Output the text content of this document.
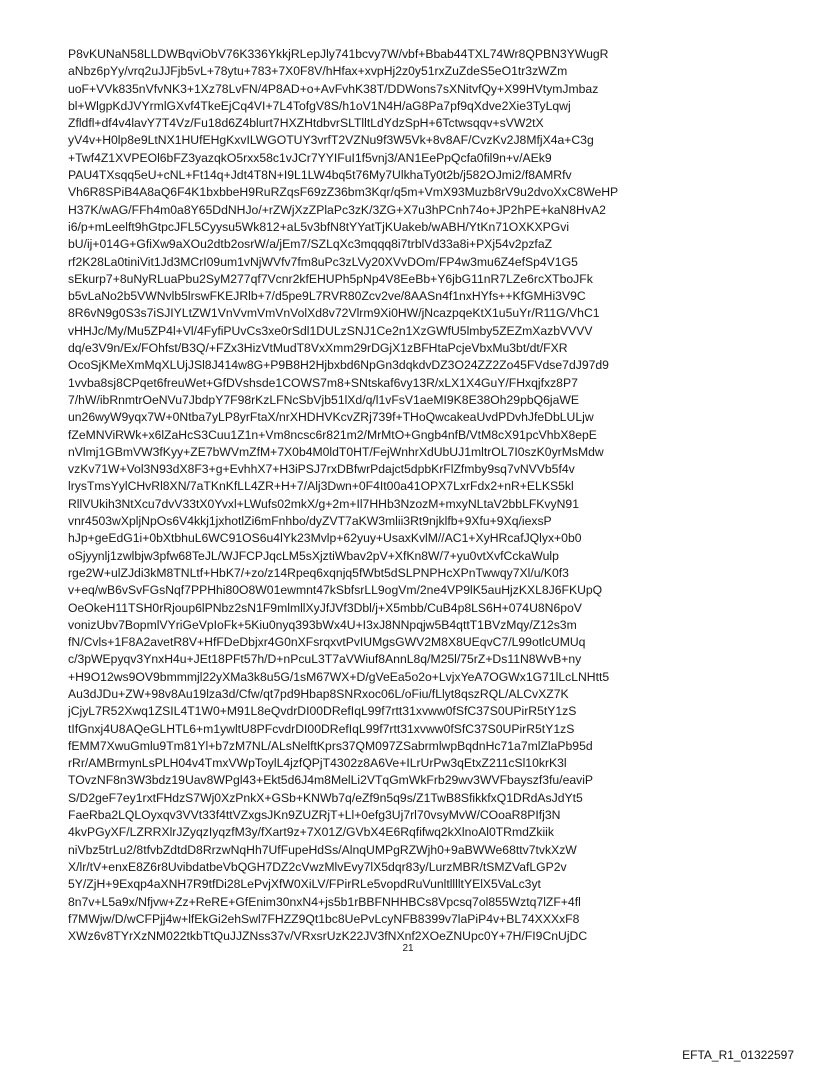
P8vKUNaN58LLDWBqviObV76K336YkkjRLepJly741bcvy7W/vbf+Bbab44TXL74Wr8QPBN3YWugR
aNbz6pYy/vrq2uJJFjb5vL+78ytu+783+7X0F8V/hHfax+xvpHj2z0y51rxZuZdeS5eO1tr3zWZm
uoF+VVk835nVfvNK3+1Xz78LvFN/4P8AD+o+AvFvhK38T/DDWons7sXNitvfQy+X99HVtymJmbaz
bl+WlgpKdJVYrmlGXvf4TkeEjCq4VI+7L4TofgV8S/h1oV1N4H/aG8Pa7pf9qXdve2Xie3TyLqwj
Zfldfl+df4v4lavY7T4Vz/Fu18d6Z4blurt7HXZHtdbvrSLTlltLdYdzSpH+6Tctwsqqv+sVW2tX
yV4v+H0lp8e9LtNX1HUfEHgKxvILWGOTUY3vrfT2VZNu9f3W5Vk+8v8AF/CvzKv2J8MfjX4a+C3g
+Twf4Z1XVPEOl6bFZ3yazqkO5rxx58c1vJCr7YYIFuI1f5vnj3/AN1EePpQcfa0fil9n+v/AEk9
PAU4TXsqq5eU+cNL+Ft14q+Jdt4T8N+I9L1LW4bq5t76My7UlkhaTy0t2b/j582OJmi2/f8AMRfv
Vh6R8SPiB4A8aQ6F4K1bxbbeH9RuRZqsF69zZ36bm3Kqr/q5m+VmX93Muzb8rV9u2dvoXxC8WeHP
H37K/wAG/FFh4m0a8Y65DdNHJo/+rZWjXzZPlaPc3zK/3ZG+X7u3hPCnh74o+JP2hPE+kaN8HvA2
i6/p+mLeelft9hGtpcJFL5Cyysu5Wk812+aL5v3bfN8tYYatTjKUakeb/wABH/YtKn71OXKXPGvi
bU/ij+014G+GfiXw9aXOu2dtb2osrW/a/jEm7/SZLqXc3mqqq8i7trblVd33a8i+PXj54v2pzfaZ
rf2K28La0tiniVit1Jd3MCrI09um1vNjWVfv7fm8uPc3zLVy20XVvDOm/FP4w3mu6Z4efSp4V1G5
sEkurp7+8uNyRLuaPbu2SyM277qf7Vcnr2kfEHUPh5pNp4V8EeBb+Y6jbG11nR7LZe6rcXTboJFk
b5vLaNo2b5VWNvlb5lrswFKEJRlb+7/d5pe9L7RVR80Zcv2ve/8AASn4f1nxHYfs++KfGMHi3V9C
8R6vN9g0S3s7iSJIYLtZW1VnVvmVmVnVolXd8v72Vlrm9Xi0HW/jNcazpqeKtX1u5uYr/R11G/VhC1
vHHJc/My/Mu5ZP4l+Vl/4FyfiPUvCs3xe0rSdl1DULzSNJ1Ce2n1XzGWfU5lmby5ZEZmXazbVVVV
dq/e3V9n/Ex/FOhfst/B3Q/+FZx3HizVtMudT8VxXmm29rDGjX1zBFHtaPcjeVbxMu3bt/dt/FXR
OcoSjKMeXmMqXLUjJSl8J414w8G+P9B8H2Hjbxbd6NpGn3dqkdvDZ3O24ZZ2Zo45FVdse7dJ97d9
1vvba8sj8CPqet6freuWet+GfDVshsde1COWS7m8+SNtskaf6vy13R/xLX1X4GuY/FHxqjfxz8P7
7/hW/ibRnmtrOeNVu7JbdpY7F98rKzLFNcSbVjb51lXd/q/l1vFsV1aeMI9K8E38Oh29pbQ6jaWE
un26wyW9yqx7W+0Ntba7yLP8yrFtaX/nrXHDHVKcvZRj739f+THoQwcakeaUvdPDvhJfeDbLULjw
fZeMNViRWk+x6lZaHcS3Cuu1Z1n+Vm8ncsc6r821m2/MrMtO+Gngb4nfB/VtM8cX91pcVhbX8epE
nVlmj1GBmVW3fKyy+ZE7bWVmZfM+7X0b4M0ldT0HT/FejWnhrXdUbUJ1mltrOL7I0szK0yrMsMdw
vzKv71W+Vol3N93dX8F3+g+EvhhX7+H3iPSJ7rxDBfwrPdajct5dpbKrFlZfmby9sq7vNVVb5f4v
lrysTmsYylCHvRl8XN/7aTKnKfLL4ZR+H+7/Alj3Dwn+0F4It00a41OPX7LxrFdx2+nR+ELKS5kl
RllVUkih3NtXcu7dvV33tX0Yvxl+LWufs02mkX/g+2m+Il7HHb3NzozM+mxyNLtaV2bbLFKvyN91
vnr4503wXpljNpOs6V4kkj1jxhotlZi6mFnhbo/dyZVT7aKW3mlii3Rt9njklfb+9Xfu+9Xq/iexsP
hJp+geEdG1i+0bXtbhuL6WC91OS6u4lYk23Mvlp+62yuy+UsaxKvlM//AC1+XyHRcafJQlyx+0b0
oSjyynlj1zwlbjw3pfw68TeJL/WJFCPJqcLM5sXjztiWbav2pV+XfKn8W/7+yu0vtXvfCckaWulp
rge2W+ulZJdi3kM8TNLtf+HbK7/+zo/z14Rpeq6xqnjq5fWbt5dSLPNPHcXPnTwwqy7Xl/u/K0f3
v+eq/wB6vSvFGsNqf7PPHhi80O8W01ewmnt47kSbfsrLL9ogVm/2ne4VP9lK5auHjzKXL8J6FKUpQ
OeOkeH11TSH0rRjoup6lPNbz2sN1F9mlmllXyJfJVf3Dbl/j+X5mbb/CuB4p8LS6H+074U8N6poV
vonizUbv7BopmlVYriGeVpIoFk+5Kiu0nyq393bWx4U+I3xJ8NNpqjw5B4qttT1BVzMqy/Z12s3m
fN/Cvls+1F8A2avetR8V+HfFDeDbjxr4G0nXFsrqxvtPvIUMgsGWV2M8X8UEqvC7/L99otlcUMUq
c/3pWEpyqv3YnxH4u+JEt18PFt57h/D+nPcuL3T7aVWiuf8AnnL8q/M25l/75rZ+Ds11N8WvB+ny
+H9O12ws9OV9bmmmjl22yXMa3k8u5G/1sM67WX+D/gVeEa5o2o+LvjxYeA7OGWx1G71lLcLNHtt5
Au3dJDu+ZW+98v8Au19lza3d/Cfw/qt7pd9Hbap8SNRxoc06L/oFiu/fLlyt8qszRQL/ALCvXZ7K
jCjyL7R52Xwq1ZSIL4T1W0+M91L8eQvdrDI00DRefIqL99f7rtt31xvww0fSfC37S0UPirR5tY1zS
tIfGnxj4U8AQeGLHTL6+m1ywltU8PFcvdrDI00DRefIqL99f7rtt31xvww0fSfC37S0UPirR5tY1zS
fEMM7XwuGmlu9Tm81Yl+b7zM7NL/ALsNelftKprs37QM097ZSabrmlwpBqdnHc71a7mlZlaPb95d
rRr/AMBrmynLsPLH04v4TmxVWpToylL4jzfQPjT4302z8A6Ve+ILrUrPw3qEtxZ211cSl10krK3l
TOvzNF8n3W3bdz19Uav8WPgl43+Ekt5d6J4m8MelLi2VTqGmWkFrb29wv3WVFbayszf3fu/eaviP
S/D2geF7ey1rxtFHdzS7Wj0XzPnkX+GSb+KNWb7q/eZf9n5q9s/Z1TwB8SfikkfxQ1DRdAsJdYt5
FaeRba2LQLOyxqv3VVt33f4ttVZxgsJKn9ZUZRjT+Ll+0efg3Uj7rl70vsyMvW/COoaR8PIfj3N
4kvPGyXF/LZRRXlrJZyqzIyqzfM3y/fXart9z+7X01Z/GVbX4E6Rqfifwq2kXlnoAl0TRmdZkiik
niVbz5trLu2/8tfvbZdtdD8RrzwNqHh7UfFupeHdSs/AlnqUMPgRZWjh0+9aBWWe68ttv7tvkXzW
X/lr/tV+enxE8Z6r8UvibdatbeVbQGH7DZ2cVwzMlvEvy7lX5dqr83y/LurzMBR/tSMZVafLGP2v
5Y/ZjH+9Exqp4aXNH7R9tfDi28LePvjXfW0XiLV/FPirRLe5vopdRuVunltlllltYElX5VaLc3yt
8n7v+L5a9x/Nfjvw+Zz+ReRE+GfEnim30nxN4+js5b1rBBFNHHBCs8Vpcsq7ol855Wztq7lZF+4fl
f7MWjw/D/wCFPjj4w+lfEkGi2ehSwl7FHZZ9Qt1bc8UePvLcyNFB8399v7laPiP4v+BL74XXXxF8
XWz6v8TYrXzNM022tkbTtQuJJZNss37v/VRxsrUzK22JV3fNXnf2XOeZNUpc0Y+7H/FI9CnUjDC
21
EFTA_R1_01322597
